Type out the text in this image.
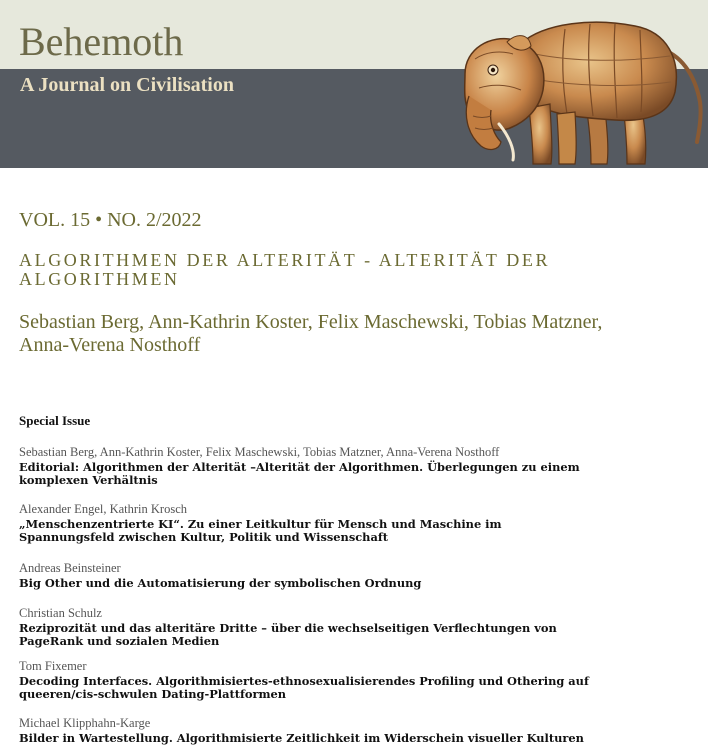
Behemoth
A Journal on Civilisation
VOL. 15 • NO. 2/2022
ALGORITHMEN DER ALTERITÄT - ALTERITÄT DER ALGORITHMEN
Sebastian Berg, Ann-Kathrin Koster, Felix Maschewski, Tobias Matzner, Anna-Verena Nosthoff
Special Issue
Sebastian Berg, Ann-Kathrin Koster, Felix Maschewski, Tobias Matzner, Anna-Verena Nosthoff
Editorial: Algorithmen der Alterität –Alterität der Algorithmen. Überlegungen zu einem komplexen Verhältnis
Alexander Engel, Kathrin Krosch
„Menschenzentrierte KI“. Zu einer Leitkultur für Mensch und Maschine im Spannungsfeld zwischen Kultur, Politik und Wissenschaft
Andreas Beinsteiner
Big Other und die Automatisierung der symbolischen Ordnung
Christian Schulz
Reziprozität und das alteritäre Dritte – über die wechselseitigen Verflechtungen von PageRank und sozialen Medien
Tom Fixemer
Decoding Interfaces. Algorithmisiertes-ethnosexualisierendes Profiling und Othering auf queeren/cis-schwulen Dating-Plattformen
Michael Klipphahn-Karge
Bilder in Wartestellung. Algorithmisierte Zeitlichkeit im Widerschein visueller Kulturen
